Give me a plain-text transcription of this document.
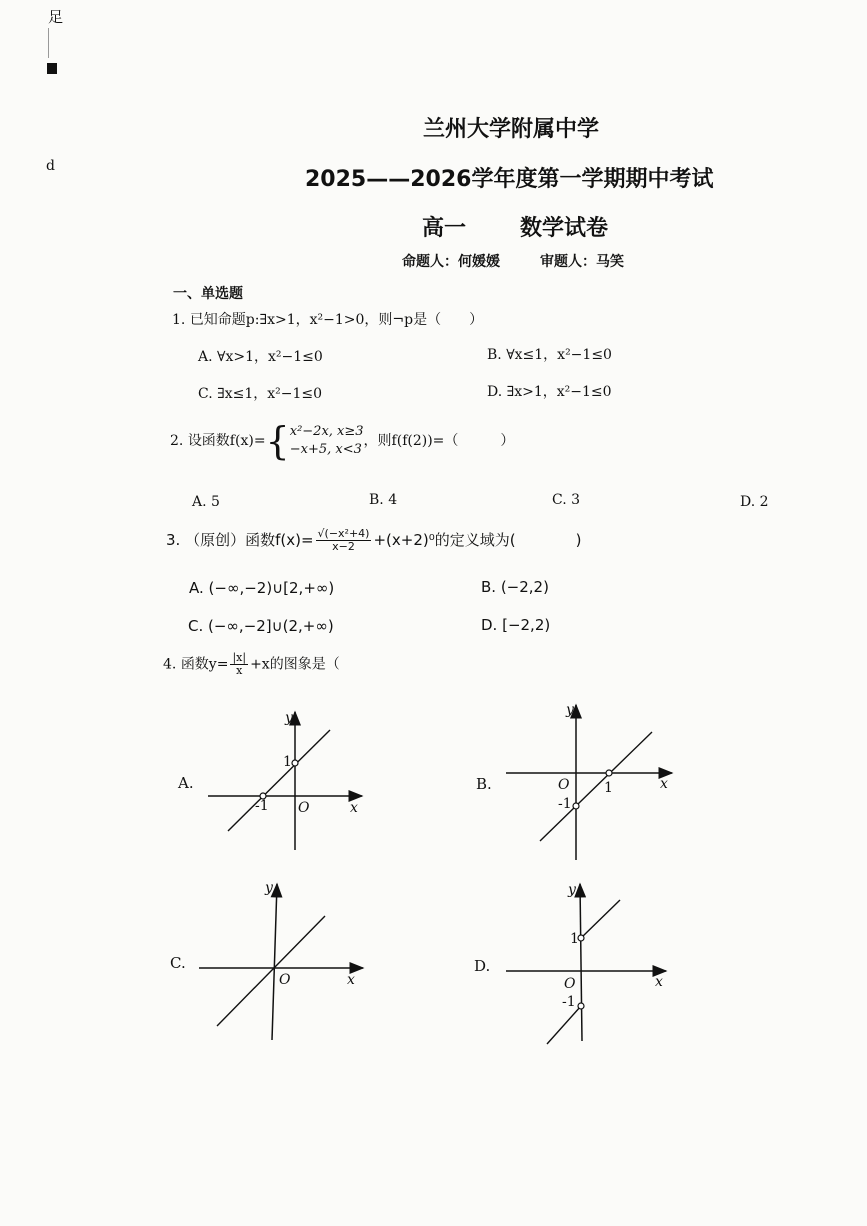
足
d
兰州大学附属中学
2025——2026学年度第一学期期中考试
高一 数学试卷
命题人：何媛媛	审题人：马笑
一、单选题
1. 已知命题p:∃x>1，x²−1>0，则¬p是（　　）
A. ∀x>1，x²−1≤0	B. ∀x≤1，x²−1≤0
C. ∃x≤1，x²−1≤0	D. ∃x>1，x²−1≤0
2. 设函数f(x)={ x²−2x, x≥3
−x+5, x<3
，则f(f(2))=（　　　）
A. 5	B. 4	C. 3	D. 2
3. （原创）函数$f(x)= \frac{\text{√(−x²+4)}}{x-2} +(x+2)^0$的定义域为(　　　　)
A. (−∞,−2)∪[2,+∞)	B. (−2,2)
C. (−∞,−2]∪(2,+∞)	D. [−2,2)
4. 函数$y= \frac{|x|}{x} +x$的图象是（
A.	B.
C.	D.
y
x
O
1
-1
y
x
O 1
-1
y
x
O
y
x
O
1
-1
